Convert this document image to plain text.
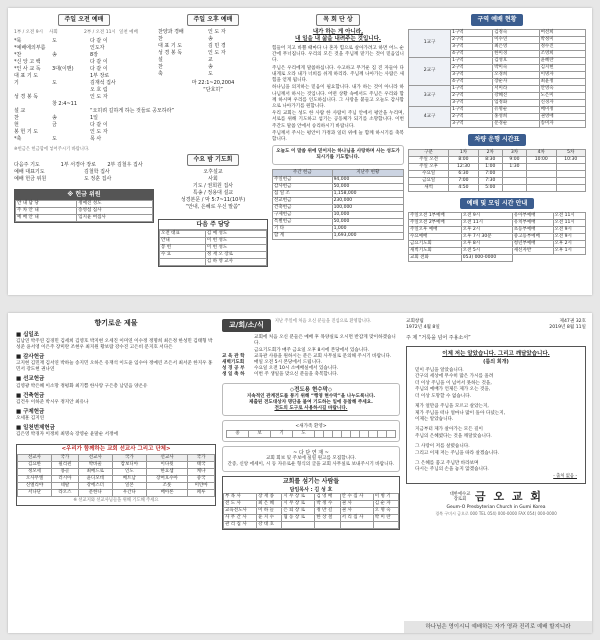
주일 오전 예배
1부 / 오전 9시	사회	2부 / 오전 11시 일천 예배
*묵	도	다 같 이
*예배에의부름	인도자
*찬	송	8장
*신 앙 고 백	다 같 이
*인 사 교 독	3대(이맨)	다 같 이
대 표 기 도	1부 장로
기	도	김재석 집사
오 호 림
성 경 봉 독	인 도 자
창 2:4~11
설 교	“오히려 길하게 하는 것들로 공모하라”
찬	송	1일
헌	금	다 같 이
봉 헌 기 도	인 도 자
*축	도	목 사
※헌금은 헌금함에 넣어주시기 바랍니다.
다음주 기도	1부 서경아 장로	2부 김철우 집사
예배 대표기도	김철학 집사
예배 헌금 위원	도 정훈 집사
※ 헌금 위원
안 내 담 당	정예진 성도
주 차 안 내	송영섭 집사
예 배 안 내	임지윤 여집사
주일 오후 예배
찬양과 경배	인 도 자
찬	송
대 표 기 도	김 민 경
성 경 봉 독	인 도 자
설	교
찬	송
축	도
마 22:1~20,2004
“단호히”
수요 밤 기도회
오후설교
사회
기도 / 권희원 집사
특송 / 정용대 설교
성경본문 / 막 5:7~11(10부)
“안내, 은혜로 우신 말씀”
다음 주 담당
오전 대표	김 예 성도
안내	이 헌 성도
봉 헌	이 헌 성도
수 요	정 재 오 장로
	김 하 영 교사
목 회 단 상
내가 하는 게 아니라,
내 일을 내 삶을 내려주는 것입니다.

힘들어 지고 바쁠 때마다 나 혼자 힘으로 살아가려고 하면 어느 순간에 무너집니다. 우리의 모든 것을 주님께 맡기는 것이 믿음입니다.

주님은 우리에게 말씀하십니다. 수고하고 무거운 짐 진 자들아 다 내게로 오라 내가 너희를 쉬게 하리라. 주님께 나아가는 사람은 새 힘을 얻게 됩니다.

하나님을 의지하는 믿음이 필요합니다. 내가 하는 것이 아니라 하나님께서 하시는 것입니다. 어떤 상황 속에서도 주님은 우리와 함께 하시며 우리를 인도하십니다. 그 사랑을 붙들고 오늘도 감사함으로 나아가기를 원합니다.

우리 교회는 성도 한 사람 한 사람이 주님 안에서 평안을 누리며, 서로를 위해 기도하고 섬기는 공동체가 되기를 소망합니다. 이번 주간도 말씀 안에서 승리하시기 바랍니다.

주님께서 주시는 평안이 가정과 일터 위에 늘 함께 하시기를 축복합니다.

오늘도 이 말씀 위에 믿어지는 하나님을 사랑하며 사는 성도가 되시기를 기도합니다.
주간 헌금	지난주 현황
주일헌금	94,000
감사헌금	50,000
십 일 조	1,158,000
선교헌금	230,000
건축헌금	100,000
구제헌금	10,000
특별헌금	50,000
기 타	1,000
합 계	1,693,000
구역 예배 현황
1교구	1구역	김정숙	여선희
	2구역	이수연	박정미
	3구역	최은영	정수진
	4구역	한미경	조영희
2교구	1구역	김성호	윤혜란
	2구역	박미숙	김지현
	3구역	오경희	이명자
	4구역	장순자	최윤정
3교구	1구역	서미라	안영숙
	2구역	강혜진	노은미
	3구역	임정화	신경자
4교구	1구역	유명순	배미정
	2구역	홍성희	권영애
	3구역	문경순	송미자
차량 운행 시간표
구분	1차	2차	3차	4차	5차
주일 오전	8:00	8:30	9:00	10:00	10:30
주일 오후	12:30	1:00	1:30		
수요일	6:30	7:00			
금요일	7:00	7:30			
새벽	4:50	5:00			
예배 및 모임 시간 안내
주일오전 1부예배	오전 9시	유아부예배	오전 11시
주일오전 2부예배	오전 11시	유치부예배	오전 11시
주일오후 예배	오후 2시	초등부예배	오전 9시
수요예배	오후 7시 30분	중고등부예배	오전 9시
금요기도회	오후 8시	청년부예배	오후 2시
새벽기도회	오전 5시	새신자반	오후 1시
교회 전화	053) 000-0000		
향기로운 제물
■ 십일조
김남연 박주연 김경민 김세희 김영호 박지현 오세진 이미연 이수정 정명희 최은정 한성민 김태형 박성준 윤서영 이은주 장미란 조현우 최지원 황보람 강수진 고은비 문지호 서다은
■ 감사헌금
고지현 김민재 김서연 박하늘 송지민 오하은 유재석 이도윤 임수아 정예린 조은서 최서준 한지우 홍민서 강도현 권나연
■ 선교헌금
김영광 박은혜 이소망 정평화 최기쁨 한사랑 구은총 남믿음 양온유
■ 건축헌금
김건우 이하준 박시우 정지안 최유나
■ 구제헌금
오세훈 김지연
■ 일천번제헌금
김은영 박경자 이정희 최명숙 장영순 윤말순 서정애
<우리가 함께하는 교회 선교사 그리고 단체>
선교사	국가	선교사	국가	선교사	국가
김요한	필리핀	박바울	캄보디아	이다윗	태국
정모세	몽골	최베드로	인도	한요셉	케냐
오사무엘	러시아	윤디모데	베트남	장여호수아	중국
신엘리야	네팔	강에스더	일본	조룻	미얀마
서나단	라오스	문한나	우간다	배아론	페루
※ 선교지와 선교사님들을 위해 기도해 주세요
교/회/소/식	지난 주일에 처음 오신 분들을 진심으로 환영합니다.
교회에 처음 오신 분들은 예배 후 목양실로 오시면 반갑게 맞이하겠습니다.
금요기도회가 매주 금요일 오후 8시에 본당에서 있습니다.
교 육 관 학	교육관 사용을 원하시는 분은 교회 사무실로 문의해 주시기 바랍니다.
새벽기도회	매일 오전 5시 본당에서 드립니다.
성 경 공 부	수요일 오전 10시 소예배실에서 있습니다.
생 일 축 하	이번 주 생일을 맞으신 분들을 축복합니다.
◇전도용 현수막◇
지속적인 관계전도를 통기 위해 “행영 현수막”을 나누도록니다.
제출된 전도대상자 명단을 붙여 기도하는 일에 동참해 주세요.
전도의 도구로 사용하시길 바랍니다.
<새가족 환영>
중	보	기	도									
~ 다 단 연 재 ~
교회 회보 및 주보에 실릴 원고를 모집합니다.
간증, 신앙 에세이, 시 등 자유로운 형식의 글을 교회 사무실로 보내주시기 바랍니다.
교회를 섬기는 사람들
담임목사 : 김 성 호
부 목 사	장 재 종	시 무 장 로	김 영 배	안 수 집 사	이 병 기
전 도 사	최 은 혜	시 무 장 로	박 정 수	권 사	김 순 자
교육전도사	이 하 늘	은 퇴 장 로	정 만 길	권 사	오 명 숙
사 무 간 사	윤 지 수	협 동 장 로	한 상 철	서 리 집 사	박 미 란
관 리 집 사	강 대 호				
교회창립
1972년 4월 8일
제47권 32호
2019년 8월 11일
주 제 “거룩을 넘어 주용소서”
이제 저는 알았습니다. 그리고 깨달았습니다.
(룸의 희개)
믿이 주님을 알았습니다.
간구의 세상에 무수히 많은 가시를 올려
더 이상 주님을 이 넘어서 못하는 것을,
주님의 예배가 언제든 제가 오는 것을,
더 이상 도망할 수 없습니다.
제가 얼만큼 주님을 모르고 살았는지,
제가 주님을 떠나 얼마나 많이 돌아 다녔는지,
이제는 알았습니다.
지금부터 제가 살아가는 모든 길이
주님의 은혜였다는 것을 깨달았습니다.
그 사랑이 저를 살렸습니다.
그리고 이제 저는 주님을 따라 살겠습니다.
그 은혜를 품고 주님만 바라보며
다시는 주님의 손을 놓지 않겠습니다.
- 출처 없음 -
대한예수교 장로회 금 오 교 회
Geum-O Presbyterian Church in Gumi Korea
경북 구미시 금오로 000 TEL 054) 000-0000 FAX 054) 000-0000
하나님은 영이시니 예배하는 자가 영과 진리로 예배 할지니라
